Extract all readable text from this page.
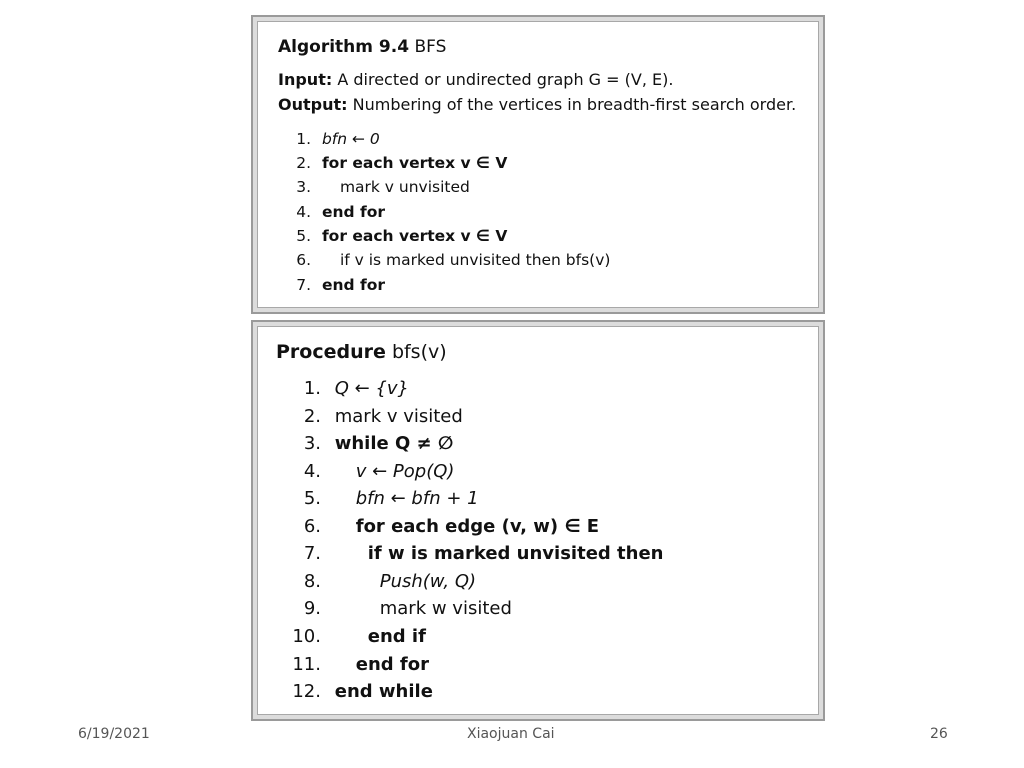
Algorithm 9.4 BFS
Input: A directed or undirected graph G = (V, E).
Output: Numbering of the vertices in breadth-first search order.
1. bfn ← 0
2. for each vertex v ∈ V
3. mark v unvisited
4. end for
5. for each vertex v ∈ V
6. if v is marked unvisited then bfs(v)
7. end for
Procedure bfs(v)
1. Q ← {v}
2. mark v visited
3. while Q ≠ ∅
4. v ← Pop(Q)
5. bfn ← bfn + 1
6. for each edge (v, w) ∈ E
7.	if w is marked unvisited then
8.	Push(w, Q)
9.	mark w visited
10.	end if
11. end for
12. end while
6/19/2021	Xiaojuan Cai	26
